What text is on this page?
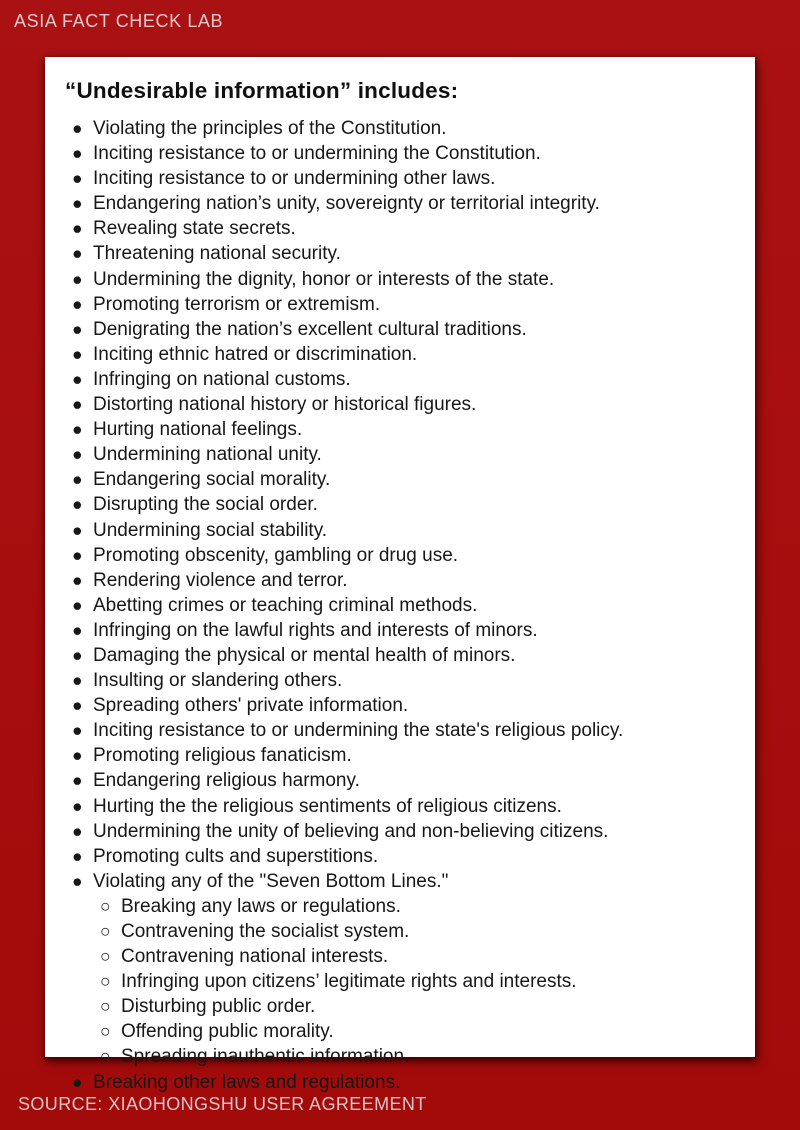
ASIA FACT CHECK LAB
“Undesirable information” includes:
● Violating the principles of the Constitution.
● Inciting resistance to or undermining the Constitution.
● Inciting resistance to or undermining other laws.
● Endangering nation’s unity, sovereignty or territorial integrity.
● Revealing state secrets.
● Threatening national security.
● Undermining the dignity, honor or interests of the state.
● Promoting terrorism or extremism.
● Denigrating the nation’s excellent cultural traditions.
● Inciting ethnic hatred or discrimination.
● Infringing on national customs.
● Distorting national history or historical figures.
● Hurting national feelings.
● Undermining national unity.
● Endangering social morality.
● Disrupting the social order.
● Undermining social stability.
● Promoting obscenity, gambling or drug use.
● Rendering violence and terror.
● Abetting crimes or teaching criminal methods.
● Infringing on the lawful rights and interests of minors.
● Damaging the physical or mental health of minors.
● Insulting or slandering others.
● Spreading others' private information.
● Inciting resistance to or undermining the state's religious policy.
● Promoting religious fanaticism.
● Endangering religious harmony.
● Hurting the the religious sentiments of religious citizens.
● Undermining the unity of believing and non-believing citizens.
● Promoting cults and superstitions.
● Violating any of the "Seven Bottom Lines."
○ Breaking any laws or regulations.
○ Contravening the socialist system.
○ Contravening national interests.
○ Infringing upon citizens’ legitimate rights and interests.
○ Disturbing public order.
○ Offending public morality.
○ Spreading inauthentic information.
● Breaking other laws and regulations.
SOURCE: XIAOHONGSHU USER AGREEMENT
